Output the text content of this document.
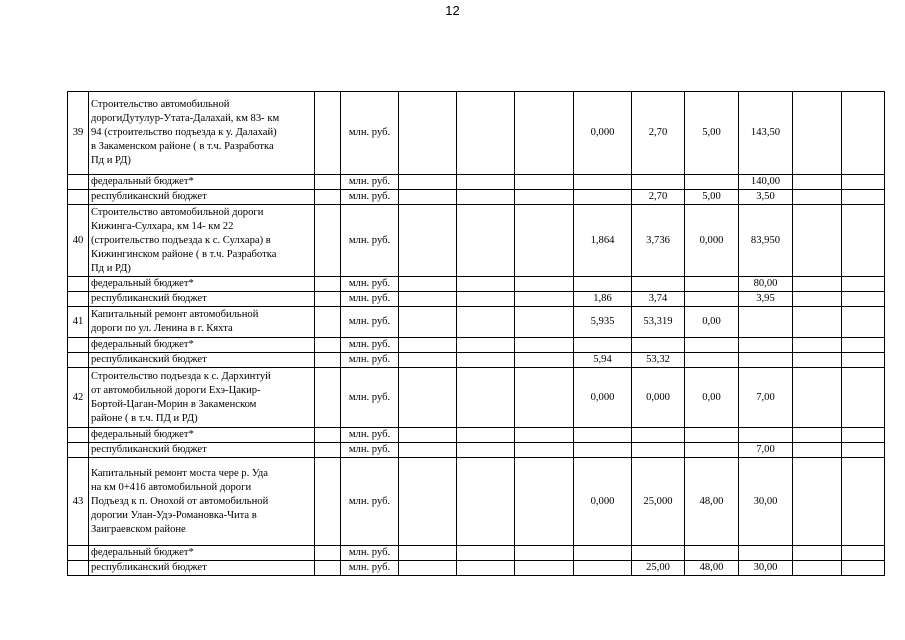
12
39	Строительство автомобильной
дорогиДутулур-Утата-Далахай, км 83- км
94 (строительство подъезда к у. Далахай)
в Закаменском районе ( в т.ч. Разработка
Пд и РД)		млн. руб.				0,000	2,70	5,00	143,50		
	федеральный бюджет*		млн. руб.							140,00		
	республиканский бюджет		млн. руб.					2,70	5,00	3,50		
40	Строительство автомобильной дороги
Кижинга-Сулхара, км 14- км 22
(строительство подъезда к с. Сулхара) в
Кижингинском районе ( в т.ч. Разработка
Пд и РД)		млн. руб.				1,864	3,736	0,000	83,950		
	федеральный бюджет*		млн. руб.							80,00		
	республиканский бюджет		млн. руб.				1,86	3,74		3,95		
41	Капитальный ремонт автомобильной
дороги по ул. Ленина в г. Кяхта		млн. руб.				5,935	53,319	0,00			
	федеральный бюджет*		млн. руб.									
	республиканский бюджет		млн. руб.				5,94	53,32				
42	Строительство подъезда к с. Дархинтуй
от автомобильной дороги Ехэ-Цакир-
Бортой-Цаган-Морин в Закаменском
районе ( в т.ч. ПД и РД)		млн. руб.				0,000	0,000	0,00	7,00		
	федеральный бюджет*		млн. руб.									
	республиканский бюджет		млн. руб.							7,00		
43	Капитальный ремонт моста чере р. Уда
на км 0+416 автомобильной дороги
Подъезд к п. Онохой от автомобильной
дорогии Улан-Удэ-Романовка-Чита в
Заиграевском районе		млн. руб.				0,000	25,000	48,00	30,00		
	федеральный бюджет*		млн. руб.									
	республиканский бюджет		млн. руб.					25,00	48,00	30,00		
